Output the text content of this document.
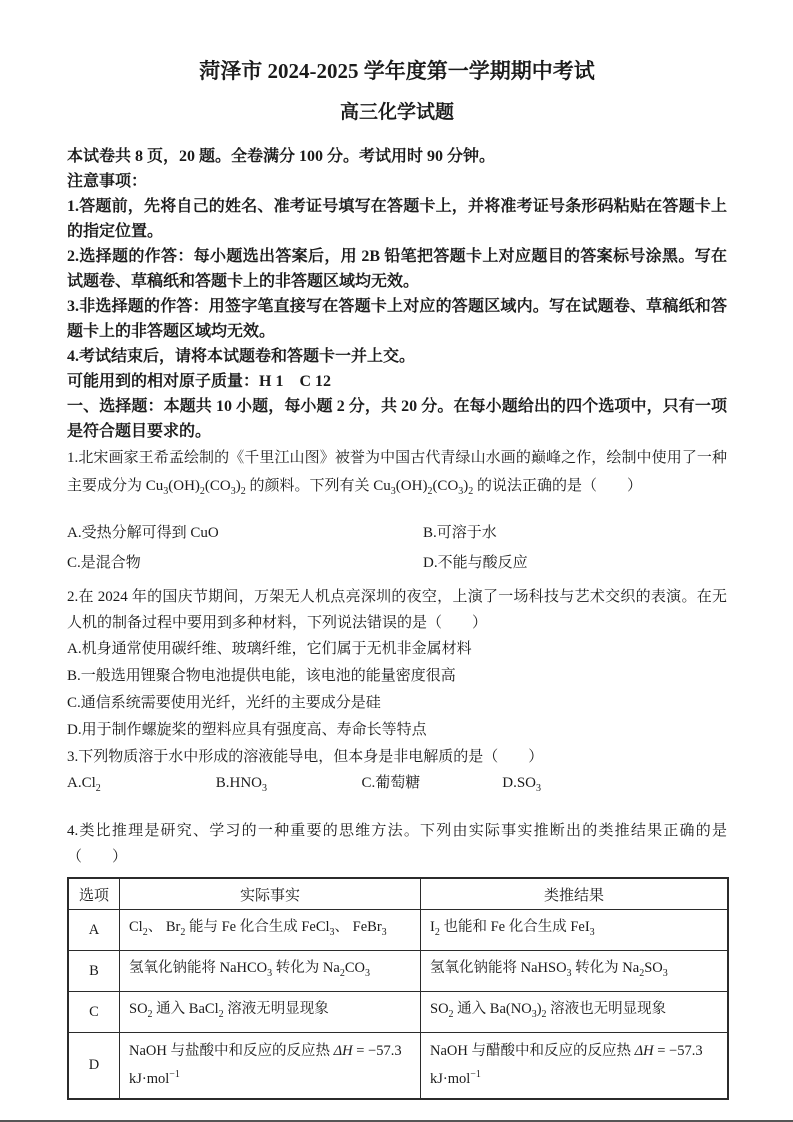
菏泽市 2024-2025 学年度第一学期期中考试
高三化学试题

本试卷共 8 页，20 题。全卷满分 100 分。考试用时 90 分钟。

注意事项：

1.答题前，先将自己的姓名、准考证号填写在答题卡上，并将准考证号条形码粘贴在答题卡上的指定位置。

2.选择题的作答：每小题选出答案后，用 2B 铅笔把答题卡上对应题目的答案标号涂黑。写在试题卷、草稿纸和答题卡上的非答题区域均无效。

3.非选择题的作答：用签字笔直接写在答题卡上对应的答题区域内。写在试题卷、草稿纸和答题卡上的非答题区域均无效。

4.考试结束后，请将本试题卷和答题卡一并上交。

可能用到的相对原子质量：H 1　C 12

一、选择题：本题共 10 小题，每小题 2 分，共 20 分。在每小题给出的四个选项中，只有一项是符合题目要求的。

1.北宋画家王希孟绘制的《千里江山图》被誉为中国古代青绿山水画的巅峰之作，绘制中使用了一种主要成分为 $Cu_3(OH)_2(CO_3)_2$ 的颜料。下列有关 $Cu_3(OH)_2(CO_3)_2$ 的说法正确的是（　　）

A.受热分解可得到 CuO	B.可溶于水
C.是混合物	D.不能与酸反应

2.在 2024 年的国庆节期间，万架无人机点亮深圳的夜空，上演了一场科技与艺术交织的表演。在无人机的制备过程中要用到多种材料，下列说法错误的是（　　）

A.机身通常使用碳纤维、玻璃纤维，它们属于无机非金属材料
B.一般选用锂聚合物电池提供电能，该电池的能量密度很高
C.通信系统需要使用光纤，光纤的主要成分是硅
D.用于制作螺旋桨的塑料应具有强度高、寿命长等特点

3.下列物质溶于水中形成的溶液能导电，但本身是非电解质的是（　　）

$A.Cl_2$	$B.HNO_3$	C.葡萄糖	$D.SO_3$

4.类比推理是研究、学习的一种重要的思维方法。下列由实际事实推断出的类推结果正确的是（　　）

选项	实际事实	类推结果
A	$Cl_2$、 $Br_2$ 能与 Fe 化合生成 FeCl$_3$、 FeBr$_3$	$I_2$ 也能和 Fe 化合生成 FeI$_3$
B	氢氧化钠能将 NaHCO$_3$ 转化为 $Na_2CO_3$	氢氧化钠能将 NaHSO$_3$ 转化为 $Na_2SO_3$
C	$SO_2$ 通入 BaCl$_2$ 溶液无明显现象	$SO_2$ 通入 $Ba(NO_3)_2$ 溶液也无明显现象
D	NaOH 与盐酸中和反应的反应热 ΔH = −57.3 kJ·mol$^{-1}$	NaOH 与醋酸中和反应的反应热 ΔH = −57.3 kJ·mol$^{-1}$
